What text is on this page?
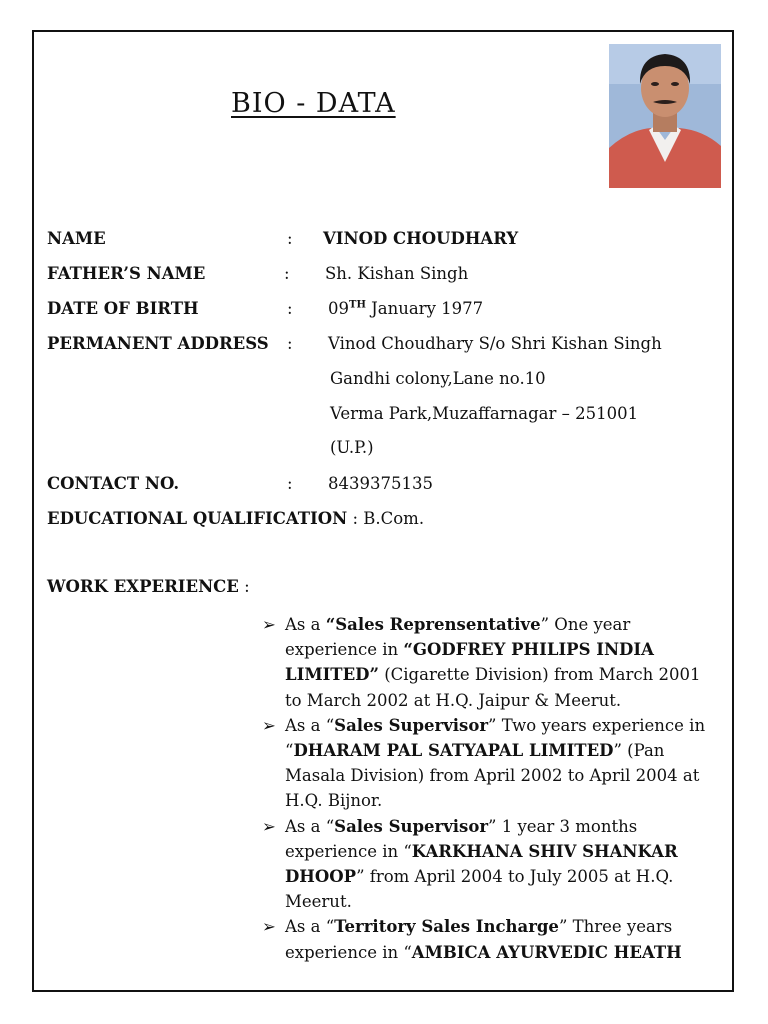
BIO - DATA
NAME	: VINOD CHOUDHARY
FATHER’S NAME	: Sh. Kishan Singh
DATE OF BIRTH	: 09TH January 1977
PERMANENT ADDRESS : Vinod Choudhary S/o Shri Kishan Singh
Gandhi colony,Lane no.10
Verma Park,Muzaffarnagar – 251001
(U.P.)
CONTACT NO.	: 8439375135
EDUCATIONAL QUALIFICATION : B.Com.
WORK EXPERIENCE :

➢ As a “Sales Reprensentative” One year experience in “GODFREY PHILIPS INDIA LIMITED” (Cigarette Division) from March 2001 to March 2002 at H.Q. Jaipur & Meerut.

➢ As a “Sales Supervisor” Two years experience in “DHARAM PAL SATYAPAL LIMITED” (Pan Masala Division) from April 2002 to April 2004 at H.Q. Bijnor.

➢ As a “Sales Supervisor” 1 year 3 months experience in “KARKHANA SHIV SHANKAR DHOOP” from April 2004 to July 2005 at H.Q. Meerut.

➢ As a “Territory Sales Incharge” Three years experience in “AMBICA AYURVEDIC HEATH
